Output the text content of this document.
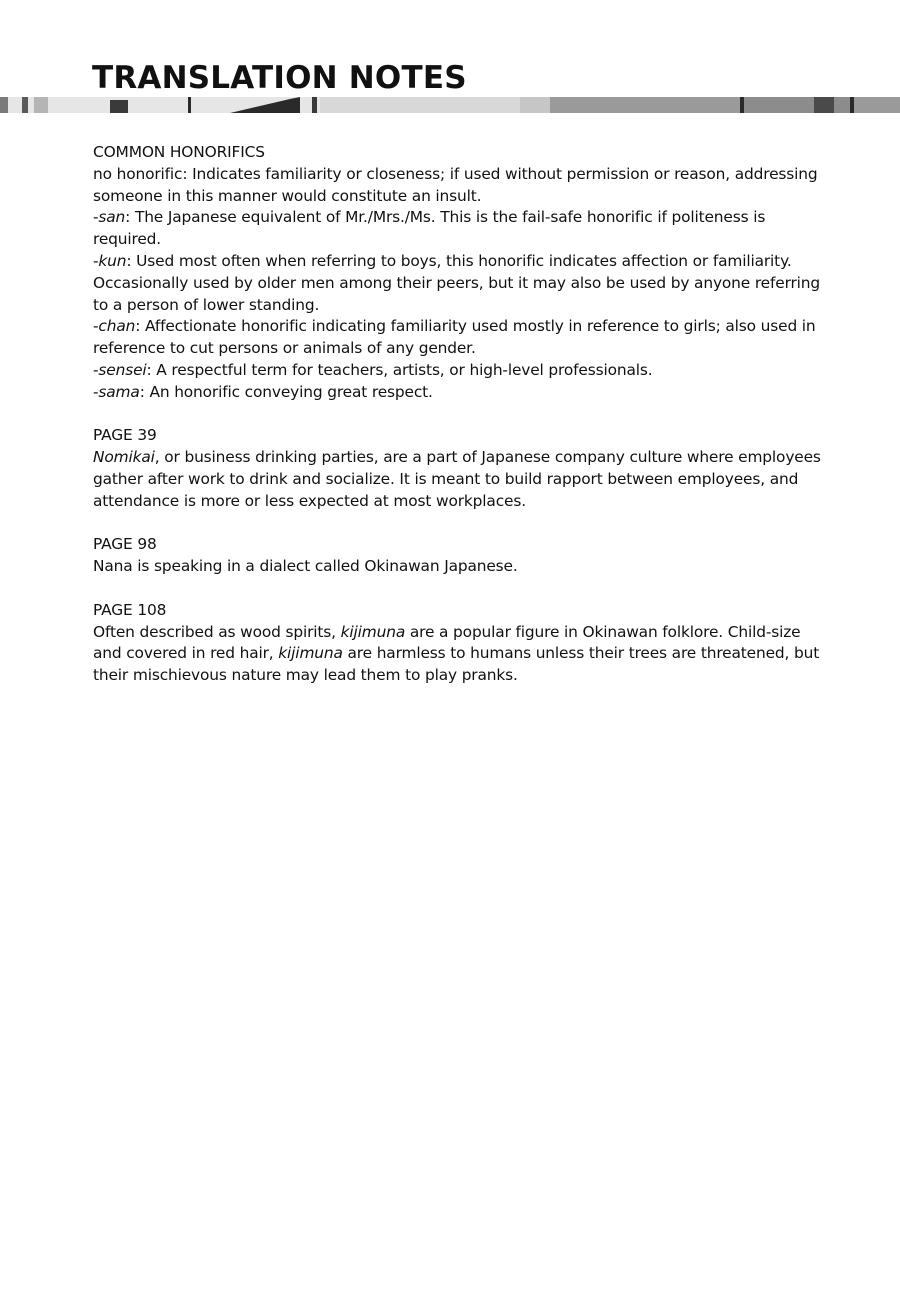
TRANSLATION NOTES

COMMON HONORIFICS

no honorific: Indicates familiarity or closeness; if used without permission or reason, addressing someone in this manner would constitute an insult.

-san: The Japanese equivalent of Mr./Mrs./Ms. This is the fail-safe honorific if politeness is required.

-kun: Used most often when referring to boys, this honorific indicates affection or familiarity. Occasionally used by older men among their peers, but it may also be used by anyone referring to a person of lower standing.

-chan: Affectionate honorific indicating familiarity used mostly in reference to girls; also used in reference to cut persons or animals of any gender.

-sensei: A respectful term for teachers, artists, or high-level professionals.

-sama: An honorific conveying great respect.

PAGE 39

Nomikai, or business drinking parties, are a part of Japanese company culture where employees gather after work to drink and socialize. It is meant to build rapport between employees, and attendance is more or less expected at most workplaces.

PAGE 98

Nana is speaking in a dialect called Okinawan Japanese.

PAGE 108

Often described as wood spirits, kijimuna are a popular figure in Okinawan folklore. Child-size and covered in red hair, kijimuna are harmless to humans unless their trees are threatened, but their mischievous nature may lead them to play pranks.
